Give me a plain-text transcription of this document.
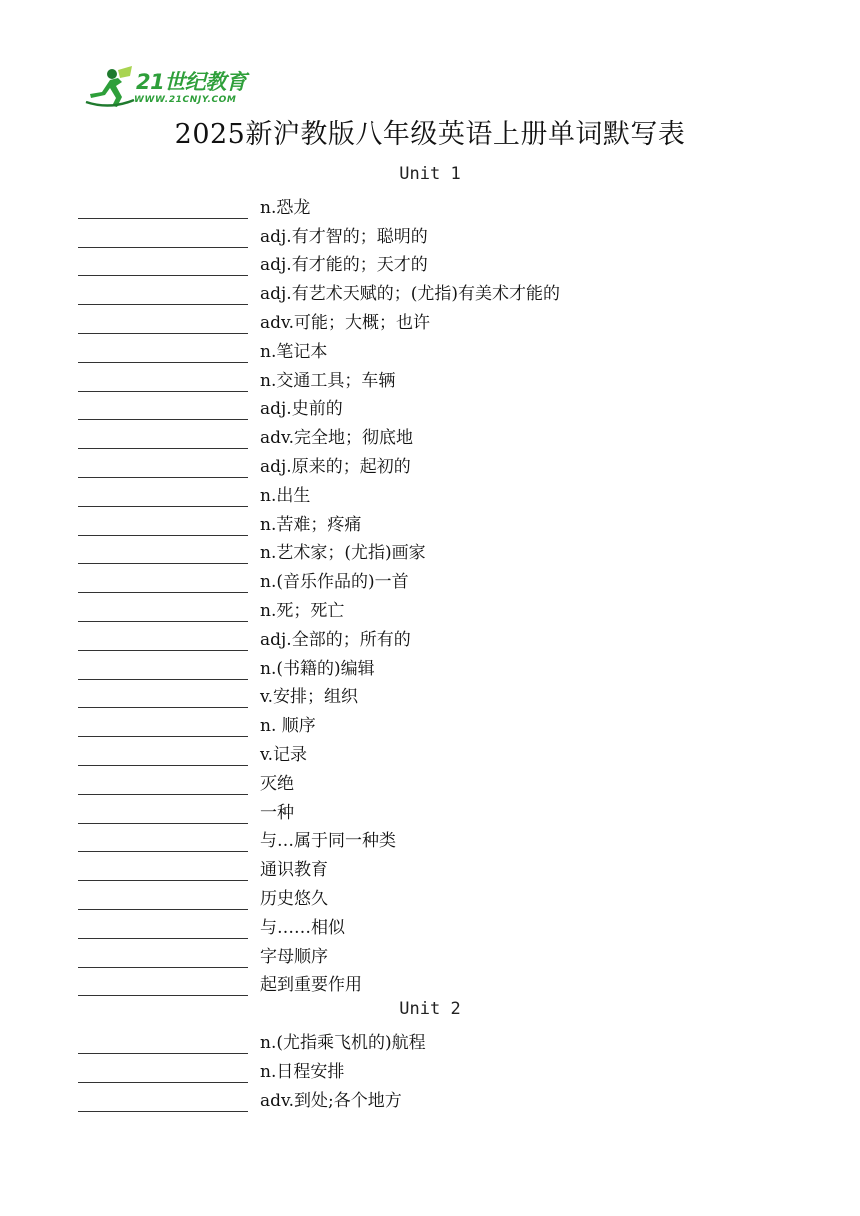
21世纪教育
WWW.21CNJY.COM
2025新沪教版八年级英语上册单词默写表
Unit 1
n.恐龙
adj.有才智的；聪明的
adj.有才能的；天才的
adj.有艺术天赋的；(尤指)有美术才能的
adv.可能；大概；也许
n.笔记本
n.交通工具；车辆
adj.史前的
adv.完全地；彻底地
adj.原来的；起初的
n.出生
n.苦难；疼痛
n.艺术家；(尤指)画家
n.(音乐作品的)一首
n.死；死亡
adj.全部的；所有的
n.(书籍的)编辑
v.安排；组织
n. 顺序
v.记录
灭绝
一种
与…属于同一种类
通识教育
历史悠久
与……相似
字母顺序
起到重要作用
Unit 2
n.(尤指乘飞机的)航程
n.日程安排
adv.到处;各个地方
